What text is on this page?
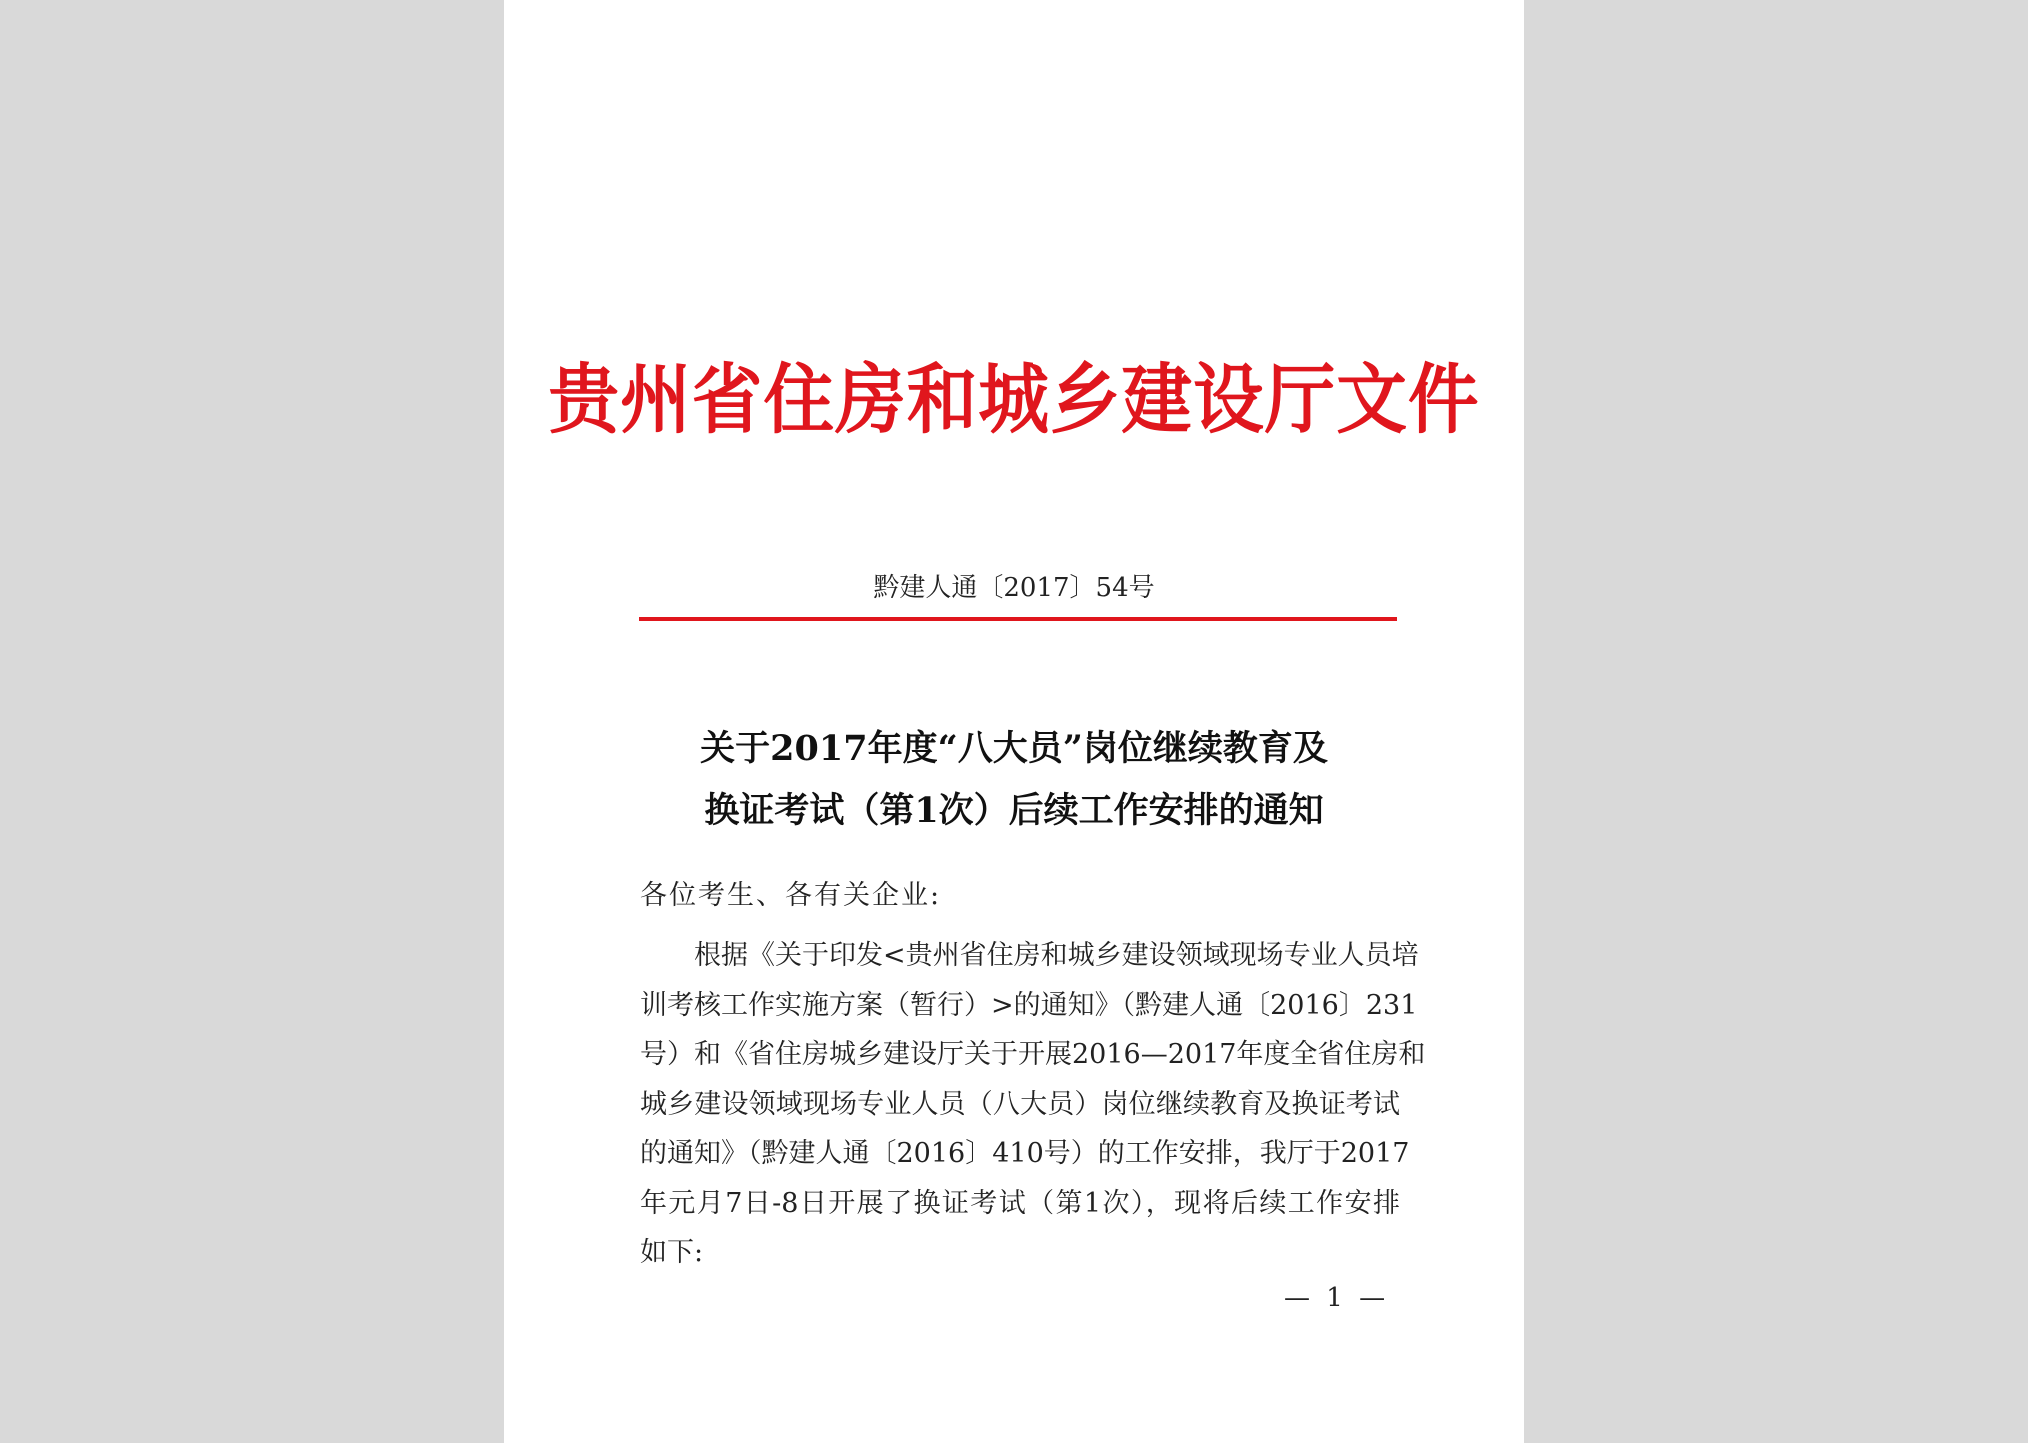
贵州省住房和城乡建设厅文件
黔建人通〔2017〕54号
关于2017年度“八大员”岗位继续教育及
换证考试（第1次）后续工作安排的通知
各位考生、各有关企业:
根据《关于印发<贵州省住房和城乡建设领域现场专业人员培
训考核工作实施方案（暂行）>的通知》（黔建人通〔2016〕231
号）和《省住房城乡建设厅关于开展2016—2017年度全省住房和
城乡建设领域现场专业人员（八大员）岗位继续教育及换证考试
的通知》（黔建人通〔2016〕410号）的工作安排，我厅于2017
年元月7日-8日开展了换证考试（第1次），现将后续工作安排
如下:
— 1 —
